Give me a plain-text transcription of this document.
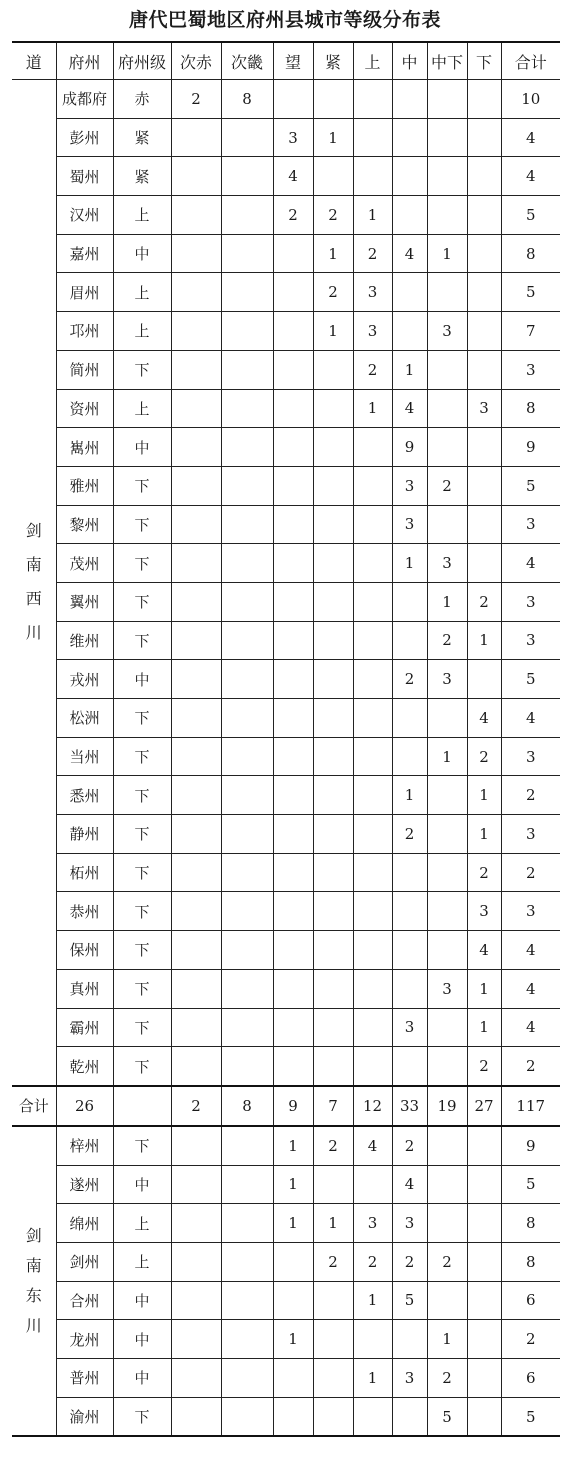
唐代巴蜀地区府州县城市等级分布表
道	府州	府州级	次赤	次畿	望	紧	上	中	中下	下	合计

剑
南
西
川	成都府	赤	2	8							10
	彭州	紧			3	1					4
	蜀州	紧			4						4
	汉州	上			2	2	1				5
	嘉州	中				1	2	4	1		8
	眉州	上				2	3				5
	邛州	上				1	3		3		7
	简州	下					2	1			3
	资州	上					1	4		3	8
	嶲州	中						9			9
	雅州	下						3	2		5
	黎州	下						3			3
	茂州	下						1	3		4
	翼州	下							1	2	3
	维州	下							2	1	3
	戎州	中						2	3		5
	松洲	下								4	4
	当州	下							1	2	3
	悉州	下						1		1	2
	静州	下						2		1	3
	柘州	下								2	2
	恭州	下								3	3
	保州	下								4	4
	真州	下							3	1	4
	霸州	下						3		1	4
	乾州	下								2	2
合计	26		2	8	9	7	12	33	19	27	117

剑
南
东
川	梓州	下			1	2	4	2			9
	遂州	中			1			4			5
	绵州	上			1	1	3	3			8
	剑州	上				2	2	2	2		8
	合州	中					1	5			6
	龙州	中			1				1		2
	普州	中					1	3	2		6
	渝州	下							5		5
